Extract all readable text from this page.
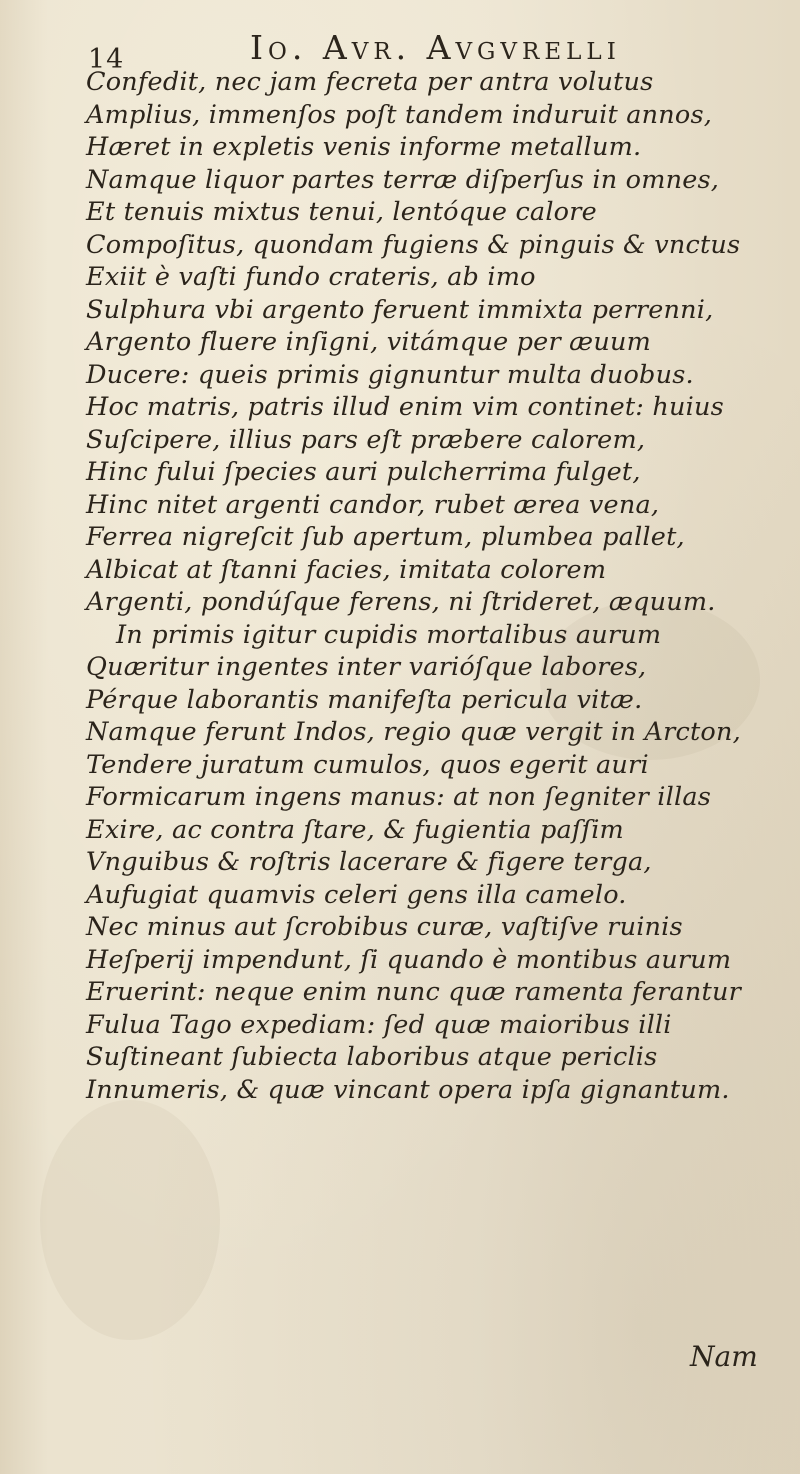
14	Io. Avr. Avgvrelli
Confedit, nec jam fecreta per antra volutus
Amplius, immenſos poſt tandem induruit annos,
Hæret in expletis venis informe metallum.
Namque liquor partes terræ diſperſus in omnes,
Et tenuis mixtus tenui, lentóque calore
Compoſitus, quondam fugiens & pinguis & vnctus
Exiit è vaſti fundo crateris, ab imo
Sulphura vbi argento feruent immixta perrenni,
Argento fluere inſigni, vitámque per æuum
Ducere: queis primis gignuntur multa duobus.
Hoc matris, patris illud enim vim continet: huius
Suſcipere, illius pars eſt præbere calorem,
Hinc fului ſpecies auri pulcherrima fulget,
Hinc nitet argenti candor, rubet ærea vena,
Ferrea nigreſcit ſub apertum, plumbea pallet,
Albicat at ſtanni facies, imitata colorem
Argenti, pondúſque ferens, ni ſtrideret, æquum.
In primis igitur cupidis mortalibus aurum
Quæritur ingentes inter varióſque labores,
Pérque laborantis manifeſta pericula vitæ.
Namque ferunt Indos, regio quæ vergit in Arcton,
Tendere juratum cumulos, quos egerit auri
Formicarum ingens manus: at non ſegniter illas
Exire, ac contra ſtare, & fugientia paſſim
Vnguibus & roſtris lacerare & figere terga,
Aufugiat quamvis celeri gens illa camelo.
Nec minus aut ſcrobibus curæ, vaſtiſve ruinis
Heſperij impendunt, ſi quando è montibus aurum
Eruerint: neque enim nunc quæ ramenta ferantur
Fulua Tago expediam: ſed quæ maioribus illi
Suſtineant ſubiecta laboribus atque periclis
Innumeris, & quæ vincant opera ipſa gignantum.
Nam
